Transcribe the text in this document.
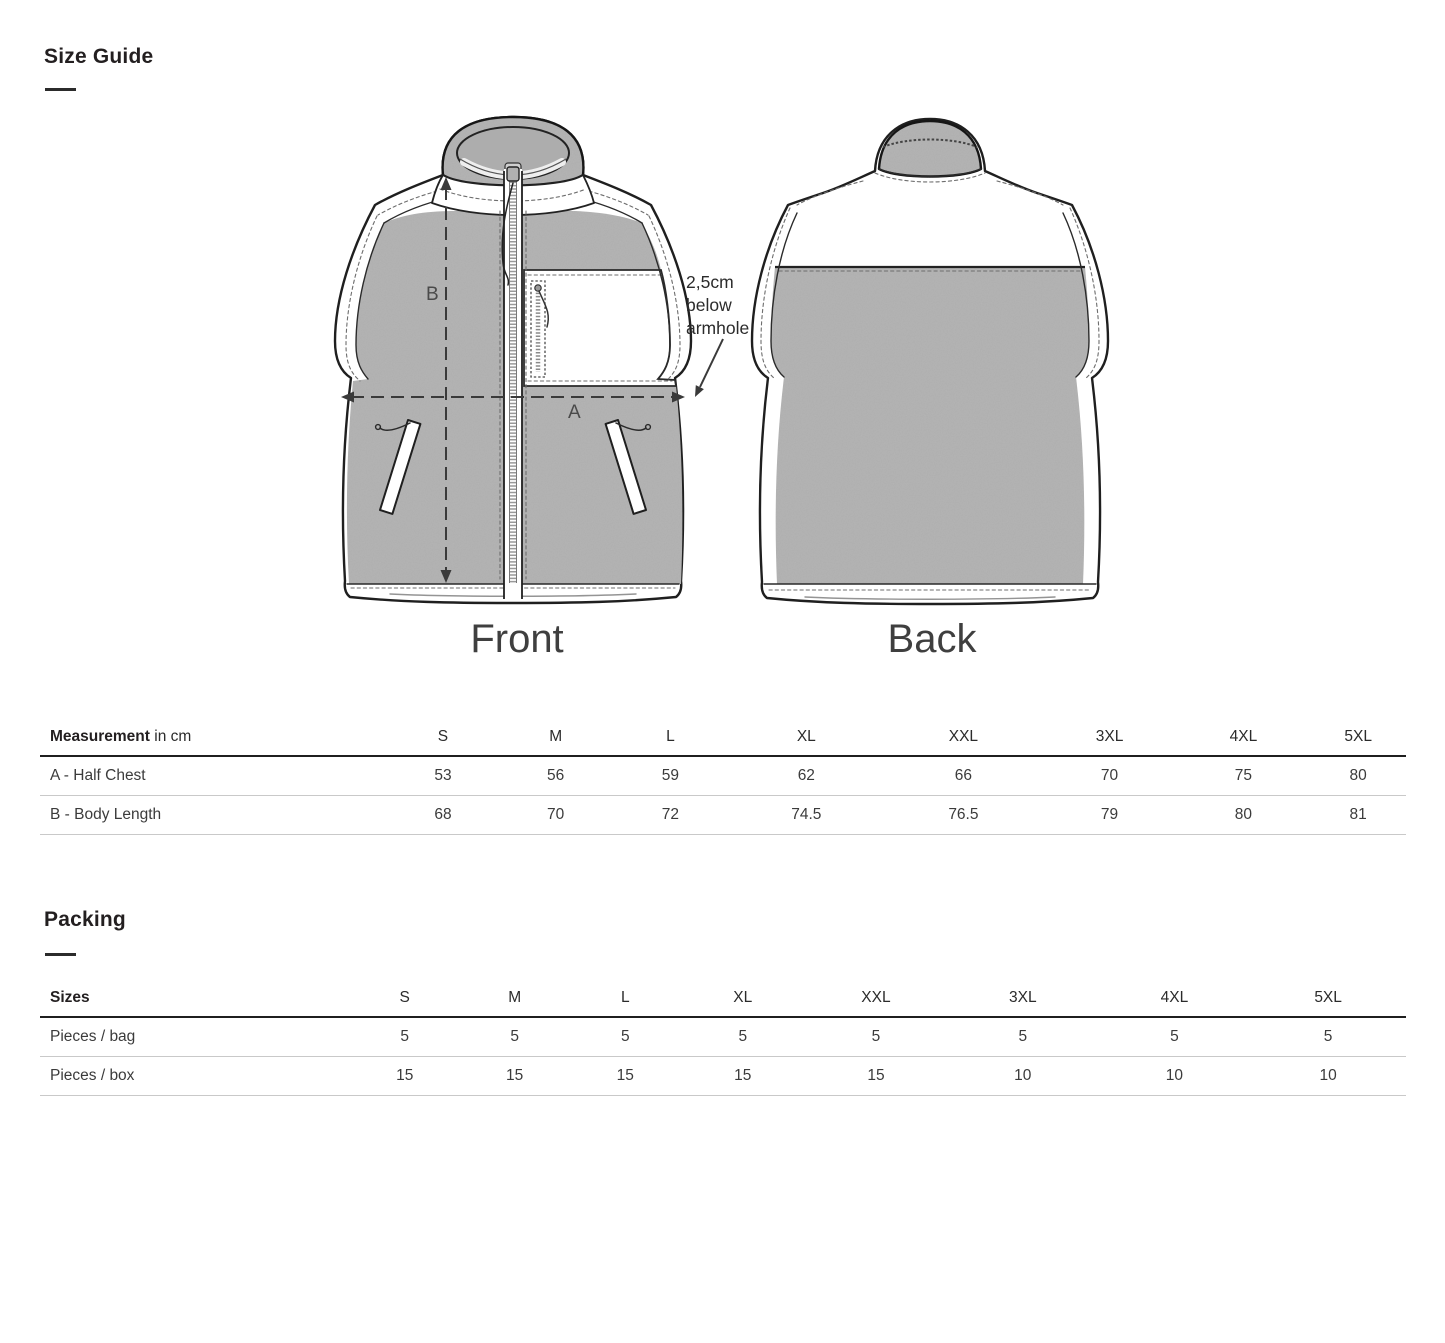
Size Guide
B
A
2,5cm
below
armhole
Front	Back
Measurement in cm	S	M	L	XL	XXL	3XL	4XL	5XL
A - Half Chest	53	56	59	62	66	70	75	80
B - Body Length	68	70	72	74.5	76.5	79	80	81
Packing
Sizes	S	M	L	XL	XXL	3XL	4XL	5XL
Pieces / bag	5	5	5	5	5	5	5	5
Pieces / box	15	15	15	15	15	10	10	10
